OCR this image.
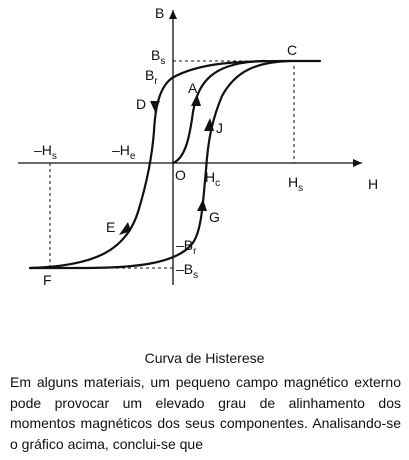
B
H
O
A
C
D
E
F
G
J
$B_s$
$B_r$
$-B_r$
$-B_s$
$-H_s$	$-H_e$
$H_c$	$H_s$
Curva de Histerese

Em alguns materiais, um pequeno campo magnético externo pode provocar um elevado grau de alinhamento dos momentos magnéticos dos seus componentes. Analisando-se o gráfico acima, conclui-se que
